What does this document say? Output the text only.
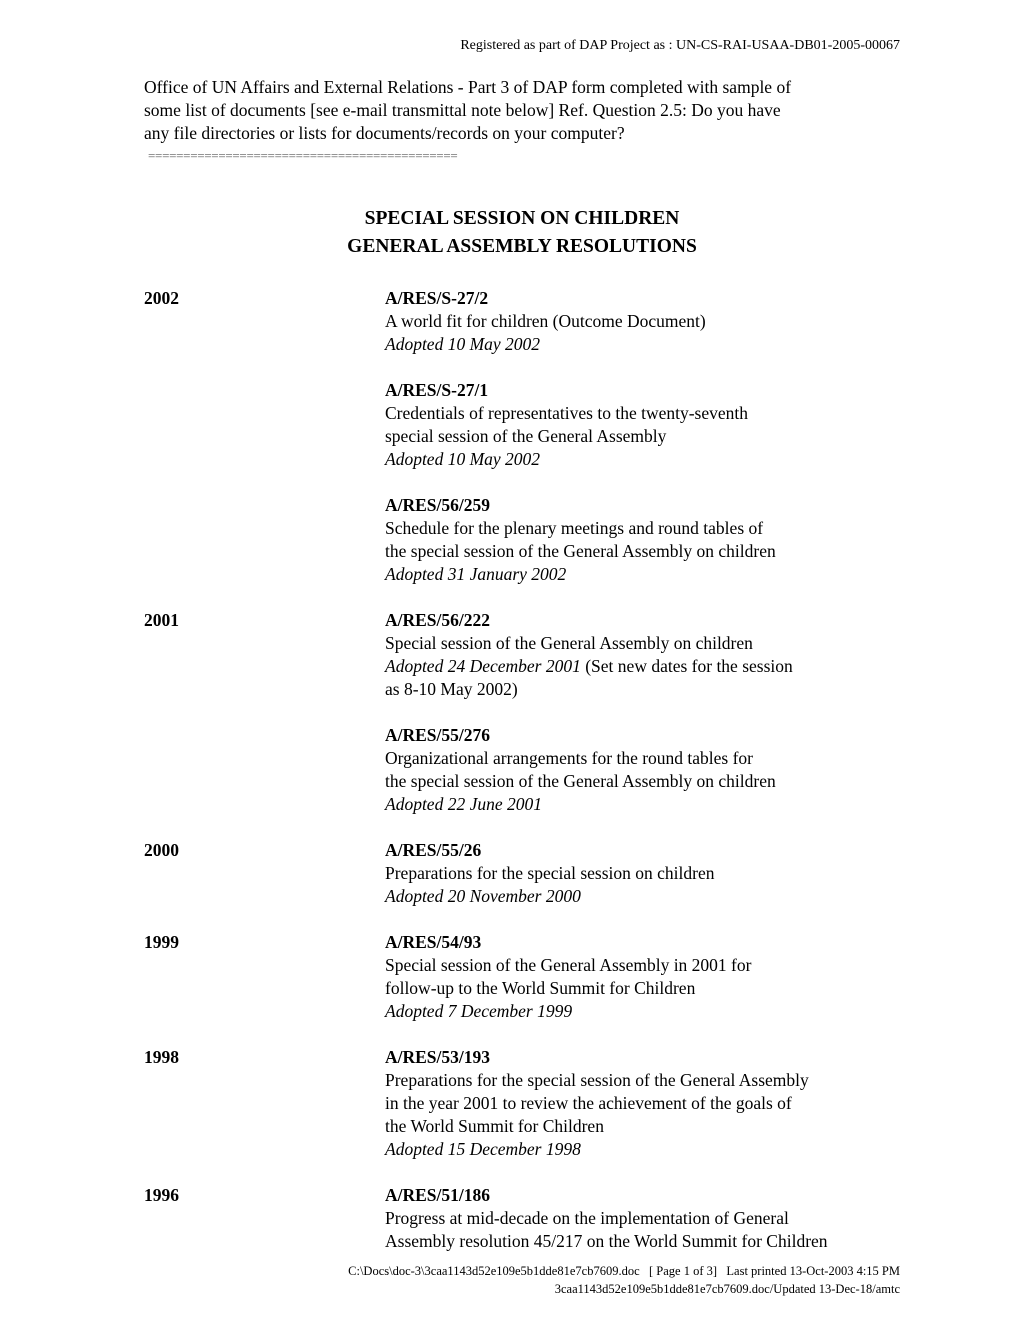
Registered as part of DAP Project as : UN-CS-RAI-USAA-DB01-2005-00067
Office of UN Affairs and External Relations - Part 3 of DAP form completed with sample of
some list of documents [see e-mail transmittal note below] Ref. Question 2.5: Do you have
any file directories or lists for documents/records on your computer?
============================================
SPECIAL SESSION ON CHILDREN
GENERAL ASSEMBLY RESOLUTIONS
2002	A/RES/S-27/2
A world fit for children (Outcome Document)
Adopted 10 May 2002
A/RES/S-27/1
Credentials of representatives to the twenty-seventh
special session of the General Assembly
Adopted 10 May 2002
A/RES/56/259
Schedule for the plenary meetings and round tables of
the special session of the General Assembly on children
Adopted 31 January 2002
2001	A/RES/56/222
Special session of the General Assembly on children
Adopted 24 December 2001 (Set new dates for the session
as 8-10 May 2002)
A/RES/55/276
Organizational arrangements for the round tables for
the special session of the General Assembly on children
Adopted 22 June 2001
2000	A/RES/55/26
Preparations for the special session on children
Adopted 20 November 2000
1999	A/RES/54/93
Special session of the General Assembly in 2001 for
follow-up to the World Summit for Children
Adopted 7 December 1999
1998	A/RES/53/193
Preparations for the special session of the General Assembly
in the year 2001 to review the achievement of the goals of
the World Summit for Children
Adopted 15 December 1998
1996	A/RES/51/186
Progress at mid-decade on the implementation of General
Assembly resolution 45/217 on the World Summit for Children
C:\Docs\doc-3\3caa1143d52e109e5b1dde81e7cb7609.doc   [ Page 1 of 3]   Last printed 13-Oct-2003 4:15 PM
3caa1143d52e109e5b1dde81e7cb7609.doc/Updated 13-Dec-18/amtc
